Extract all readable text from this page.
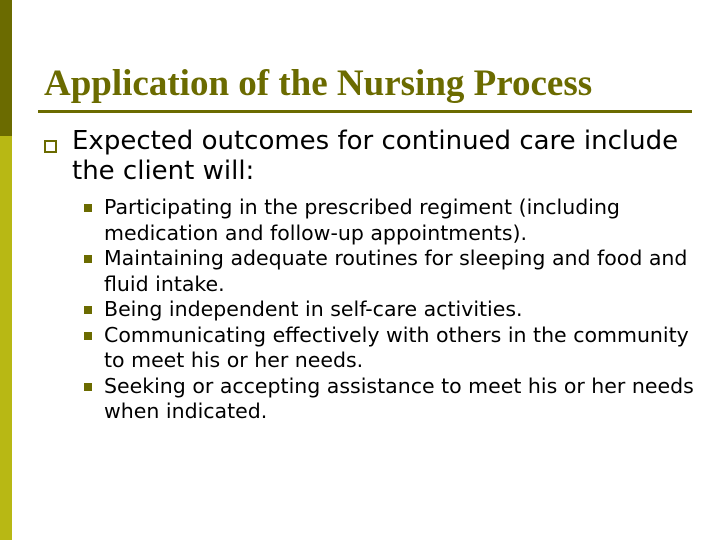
Application of the Nursing Process
Expected outcomes for continued care include the client will:
Participating in the prescribed regiment (including medication and follow-up appointments).
Maintaining adequate routines for sleeping and food and fluid intake.
Being independent in self-care activities.
Communicating effectively with others in the community to meet his or her needs.
Seeking or accepting assistance to meet his or her needs when indicated.
